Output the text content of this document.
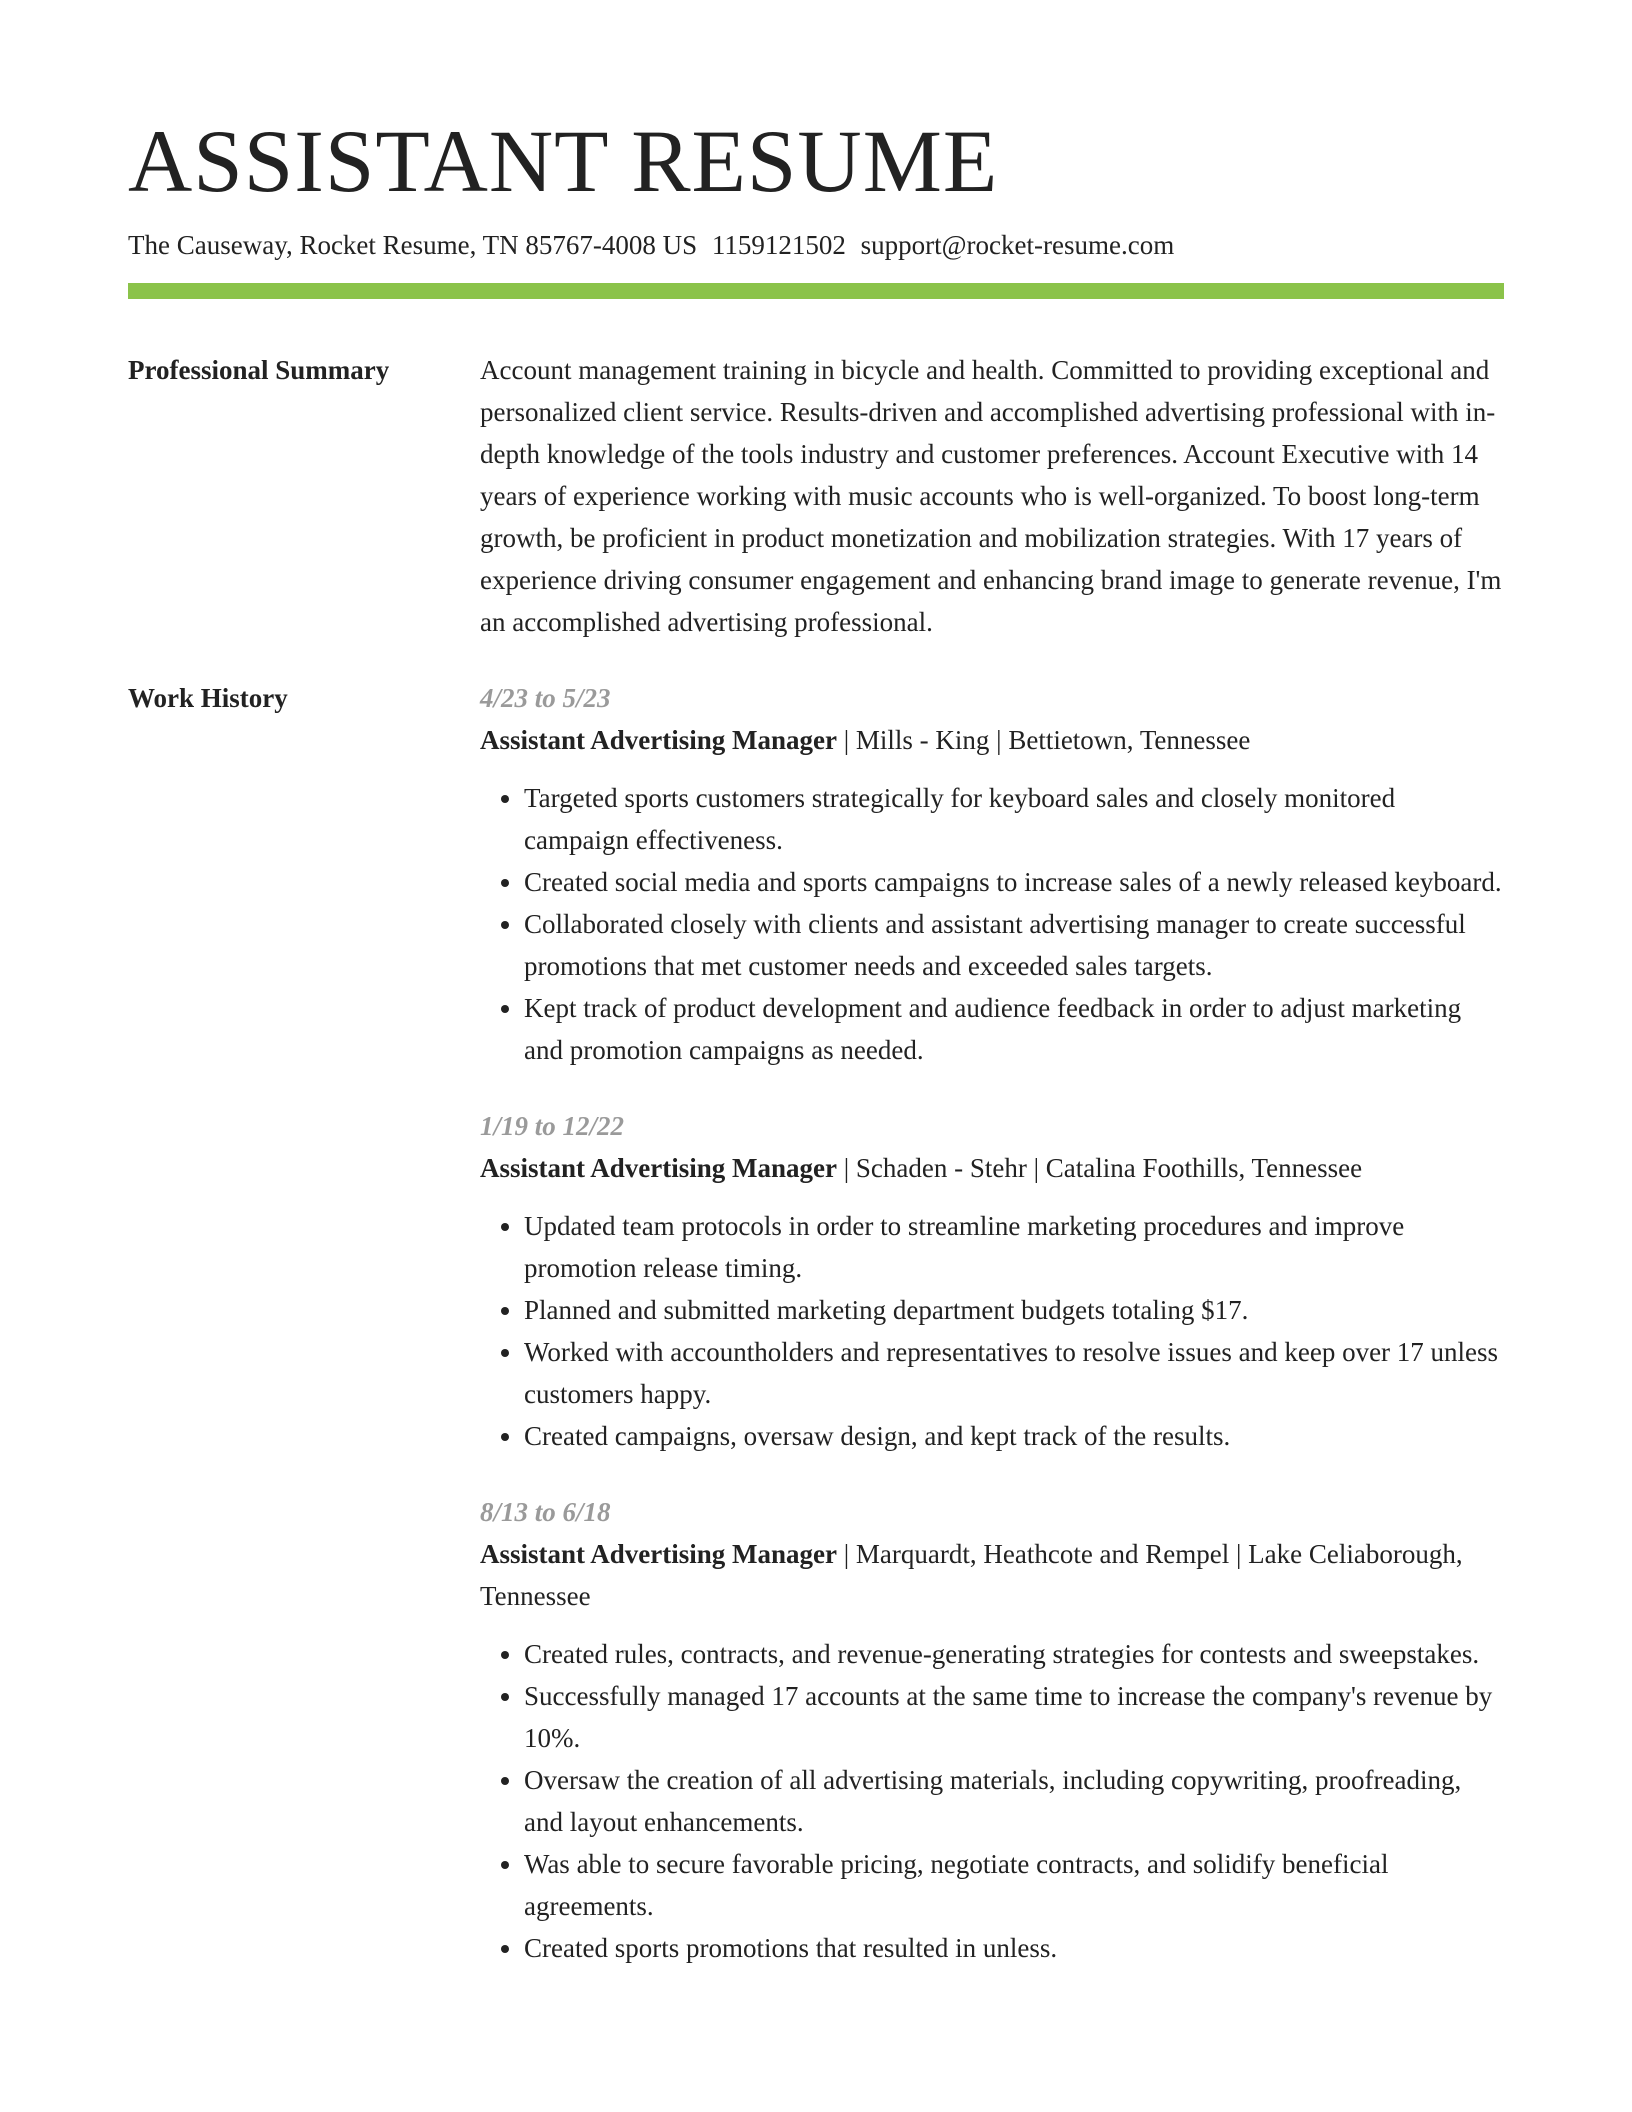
ASSISTANT RESUME
The Causeway, Rocket Resume, TN 85767-4008 US 1159121502 support@rocket-resume.com
Professional Summary	Account management training in bicycle and health. Committed to providing exceptional and personalized client service. Results-driven and accomplished advertising professional with in-depth knowledge of the tools industry and customer preferences. Account Executive with 14 years of experience working with music accounts who is well-organized. To boost long-term growth, be proficient in product monetization and mobilization strategies. With 17 years of experience driving consumer engagement and enhancing brand image to generate revenue, I'm an accomplished advertising professional.

Work History	4/23 to 5/23
Assistant Advertising Manager | Mills - King | Bettietown, Tennessee
• Targeted sports customers strategically for keyboard sales and closely monitored campaign effectiveness.
• Created social media and sports campaigns to increase sales of a newly released keyboard.
• Collaborated closely with clients and assistant advertising manager to create successful promotions that met customer needs and exceeded sales targets.
• Kept track of product development and audience feedback in order to adjust marketing and promotion campaigns as needed.
1/19 to 12/22
Assistant Advertising Manager | Schaden - Stehr | Catalina Foothills, Tennessee
• Updated team protocols in order to streamline marketing procedures and improve promotion release timing.
• Planned and submitted marketing department budgets totaling $17.
• Worked with accountholders and representatives to resolve issues and keep over 17 unless customers happy.
• Created campaigns, oversaw design, and kept track of the results.
8/13 to 6/18
Assistant Advertising Manager | Marquardt, Heathcote and Rempel | Lake Celiaborough, Tennessee
• Created rules, contracts, and revenue-generating strategies for contests and sweepstakes.
• Successfully managed 17 accounts at the same time to increase the company's revenue by 10%.
• Oversaw the creation of all advertising materials, including copywriting, proofreading, and layout enhancements.
• Was able to secure favorable pricing, negotiate contracts, and solidify beneficial agreements.
• Created sports promotions that resulted in unless.
